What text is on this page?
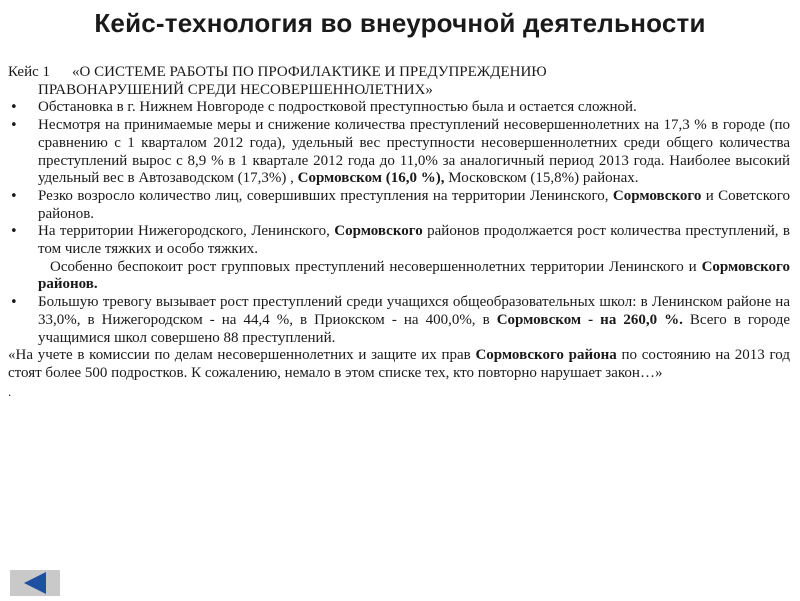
Кейс-технология во внеурочной деятельности
Кейс 1 «О СИСТЕМЕ РАБОТЫ ПО ПРОФИЛАКТИКЕ И ПРЕДУПРЕЖДЕНИЮ
ПРАВОНАРУШЕНИЙ СРЕДИ НЕСОВЕРШЕННОЛЕТНИХ»
• Обстановка в г. Нижнем Новгороде с подростковой преступностью была и остается сложной.
• Несмотря на принимаемые меры и снижение количества преступлений несовершеннолетних на 17,3 % в городе (по сравнению с 1 кварталом 2012 года), удельный вес преступности несовершеннолетних среди общего количества преступлений вырос с 8,9 % в 1 квартале 2012 года до 11,0% за аналогичный период 2013 года. Наиболее высокий удельный вес в Автозаводском (17,3%) , Сормовском (16,0 %), Московском (15,8%) районах.
• Резко возросло количество лиц, совершивших преступления на территории Ленинского, Сормовского и Советского районов.
• На территории Нижегородского, Ленинского, Сормовского районов продолжается рост количества преступлений, в том числе тяжких и особо тяжких.
Особенно беспокоит рост групповых преступлений несовершеннолетних территории Ленинского и Сормовского районов.
• Большую тревогу вызывает рост преступлений среди учащихся общеобразовательных школ: в Ленинском районе на 33,0%, в Нижегородском - на 44,4 %, в Приокском - на 400,0%, в Сормовском - на 260,0 %. Всего в городе учащимися школ совершено 88 преступлений.
«На учете в комиссии по делам несовершеннолетних и защите их прав Сормовского района по состоянию на 2013 год стоят более 500 подростков. К сожалению, немало в этом списке тех, кто повторно нарушает закон…»
.
